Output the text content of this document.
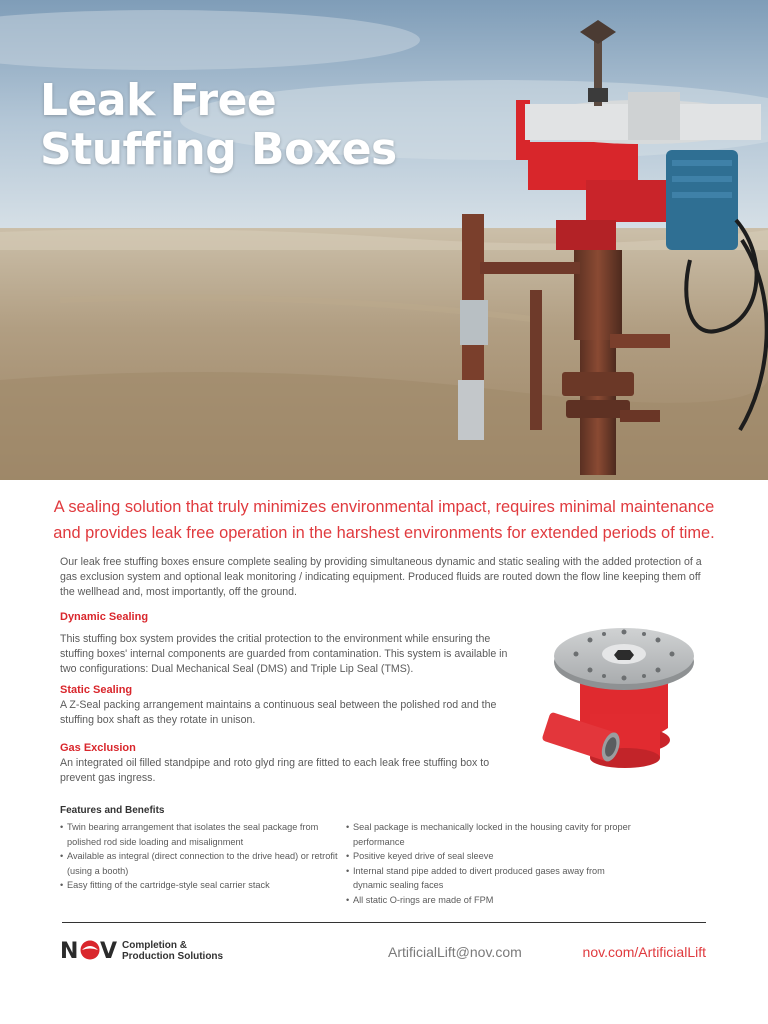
Leak Free
Stuffing Boxes

A sealing solution that truly minimizes environmental impact, requires minimal maintenance and provides leak free operation in the harshest environments for extended periods of time.

Our leak free stuffing boxes ensure complete sealing by providing simultaneous dynamic and static sealing with the added protection of a gas exclusion system and optional leak monitoring / indicating equipment. Produced fluids are routed down the flow line keeping them off the wellhead and, most importantly, off the ground.

Dynamic Sealing

This stuffing box system provides the critial protection to the environment while ensuring the stuffing boxes' internal components are guarded from contamination. This system is available in two configurations: Dual Mechanical Seal (DMS) and Triple Lip Seal (TMS).

Static Sealing

A Z-Seal packing arrangement maintains a continuous seal between the polished rod and the stuffing box shaft as they rotate in unison.

Gas Exclusion

An integrated oil filled standpipe and roto glyd ring are fitted to each leak free stuffing box to prevent gas ingress.

Features and Benefits
• Twin bearing arrangement that isolates the seal package from polished rod side loading and misalignment
• Available as integral (direct connection to the drive head) or retrofit (using a booth)
• Easy fitting of the cartridge-style seal carrier stack
• Seal package is mechanically locked in the housing cavity for proper performance
• Positive keyed drive of seal sleeve
• Internal stand pipe added to divert produced gases away from dynamic sealing faces
• All static O-rings are made of FPM
N V Completion &
Production Solutions	ArtificialLift@nov.com	nov.com/ArtificialLift
